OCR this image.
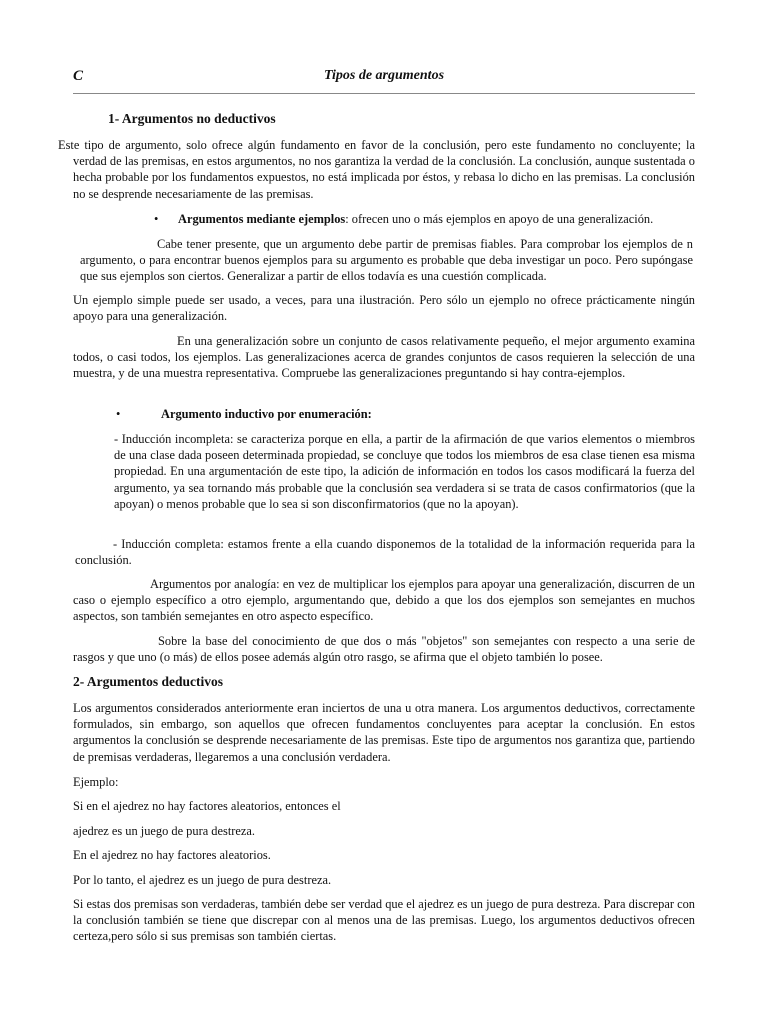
C	Tipos de argumentos
1- Argumentos no deductivos

Este tipo de argumento, solo ofrece algún fundamento en favor de la conclusión, pero este fundamento no concluyente; la verdad de las premisas, en estos argumentos, no nos garantiza la verdad de la conclusión. La conclusión, aunque sustentada o hecha probable por los fundamentos expuestos, no está implicada por éstos, y rebasa lo dicho en las premisas. La conclusión no se desprende necesariamente de las premisas.

• Argumentos mediante ejemplos: ofrecen uno o más ejemplos en apoyo de una generalización.

Cabe tener presente, que un argumento debe partir de premisas fiables. Para comprobar los ejemplos de n argumento, o para encontrar buenos ejemplos para su argumento es probable que deba investigar un poco. Pero supóngase que sus ejemplos son ciertos. Generalizar a partir de ellos todavía es una cuestión complicada.

Un ejemplo simple puede ser usado, a veces, para una ilustración. Pero sólo un ejemplo no ofrece prácticamente ningún apoyo para una generalización.

En una generalización sobre un conjunto de casos relativamente pequeño, el mejor argumento examina todos, o casi todos, los ejemplos. Las generalizaciones acerca de grandes conjuntos de casos requieren la selección de una muestra, y de una muestra representativa. Compruebe las generalizaciones preguntando si hay contra-ejemplos.

•	Argumento inductivo por enumeración:

- Inducción incompleta: se caracteriza porque en ella, a partir de la afirmación de que varios elementos o miembros de una clase dada poseen determinada propiedad, se concluye que todos los miembros de esa clase tienen esa misma propiedad. En una argumentación de este tipo, la adición de información en todos los casos modificará la fuerza del argumento, ya sea tornando más probable que la conclusión sea verdadera si se trata de casos confirmatorios (que la apoyan) o menos probable que lo sea si son disconfirmatorios (que no la apoyan).

- Inducción completa: estamos frente a ella cuando disponemos de la totalidad de la información requerida para la conclusión.

Argumentos por analogía: en vez de multiplicar los ejemplos para apoyar una generalización, discurren de un caso o ejemplo específico a otro ejemplo, argumentando que, debido a que los dos ejemplos son semejantes en muchos aspectos, son también semejantes en otro aspecto específico.

Sobre la base del conocimiento de que dos o más "objetos" son semejantes con respecto a una serie de rasgos y que uno (o más) de ellos posee además algún otro rasgo, se afirma que el objeto también lo posee.

2- Argumentos deductivos

Los argumentos considerados anteriormente eran inciertos de una u otra manera. Los argumentos deductivos, correctamente formulados, sin embargo, son aquellos que ofrecen fundamentos concluyentes para aceptar la conclusión. En estos argumentos la conclusión se desprende necesariamente de las premisas. Este tipo de argumentos nos garantiza que, partiendo de premisas verdaderas, llegaremos a una conclusión verdadera.

Ejemplo:
Si en el ajedrez no hay factores aleatorios, entonces el
ajedrez es un juego de pura destreza.
En el ajedrez no hay factores aleatorios.
Por lo tanto, el ajedrez es un juego de pura destreza.

Si estas dos premisas son verdaderas, también debe ser verdad que el ajedrez es un juego de pura destreza. Para discrepar con la conclusión también se tiene que discrepar con al menos una de las premisas. Luego, los argumentos deductivos ofrecen certeza,pero sólo si sus premisas son también ciertas.
